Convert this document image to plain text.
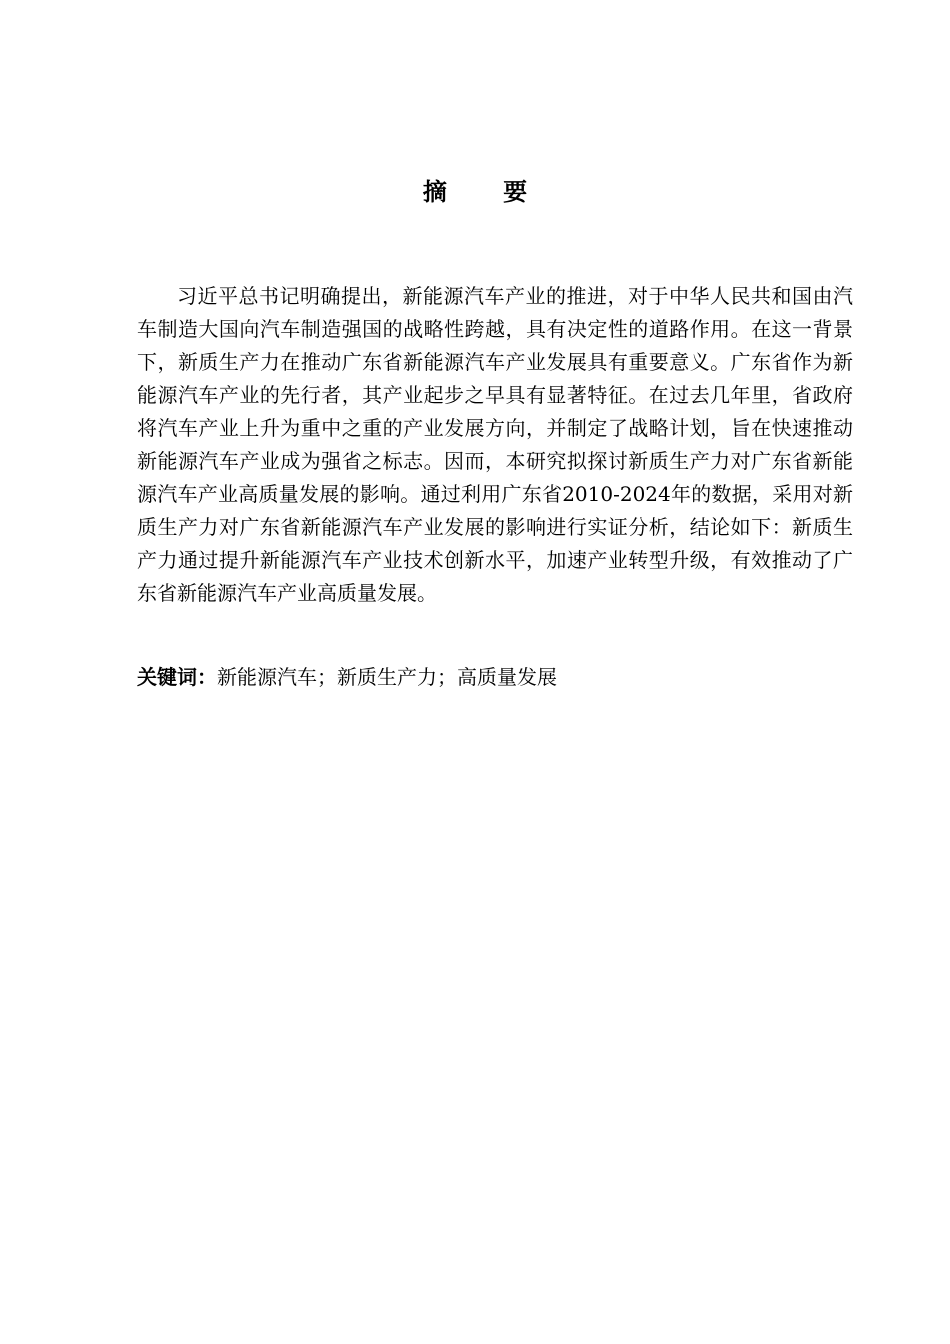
摘 要

习近平总书记明确提出，新能源汽车产业的推进，对于中华人民共和国由汽车制造大国向汽车制造强国的战略性跨越，具有决定性的道路作用。在这一背景下，新质生产力在推动广东省新能源汽车产业发展具有重要意义。广东省作为新能源汽车产业的先行者，其产业起步之早具有显著特征。在过去几年里，省政府将汽车产业上升为重中之重的产业发展方向，并制定了战略计划，旨在快速推动新能源汽车产业成为强省之标志。因而，本研究拟探讨新质生产力对广东省新能源汽车产业高质量发展的影响。通过利用广东省2010-2024年的数据，采用对新质生产力对广东省新能源汽车产业发展的影响进行实证分析，结论如下：新质生产力通过提升新能源汽车产业技术创新水平，加速产业转型升级，有效推动了广东省新能源汽车产业高质量发展。

关键词：新能源汽车；新质生产力；高质量发展
